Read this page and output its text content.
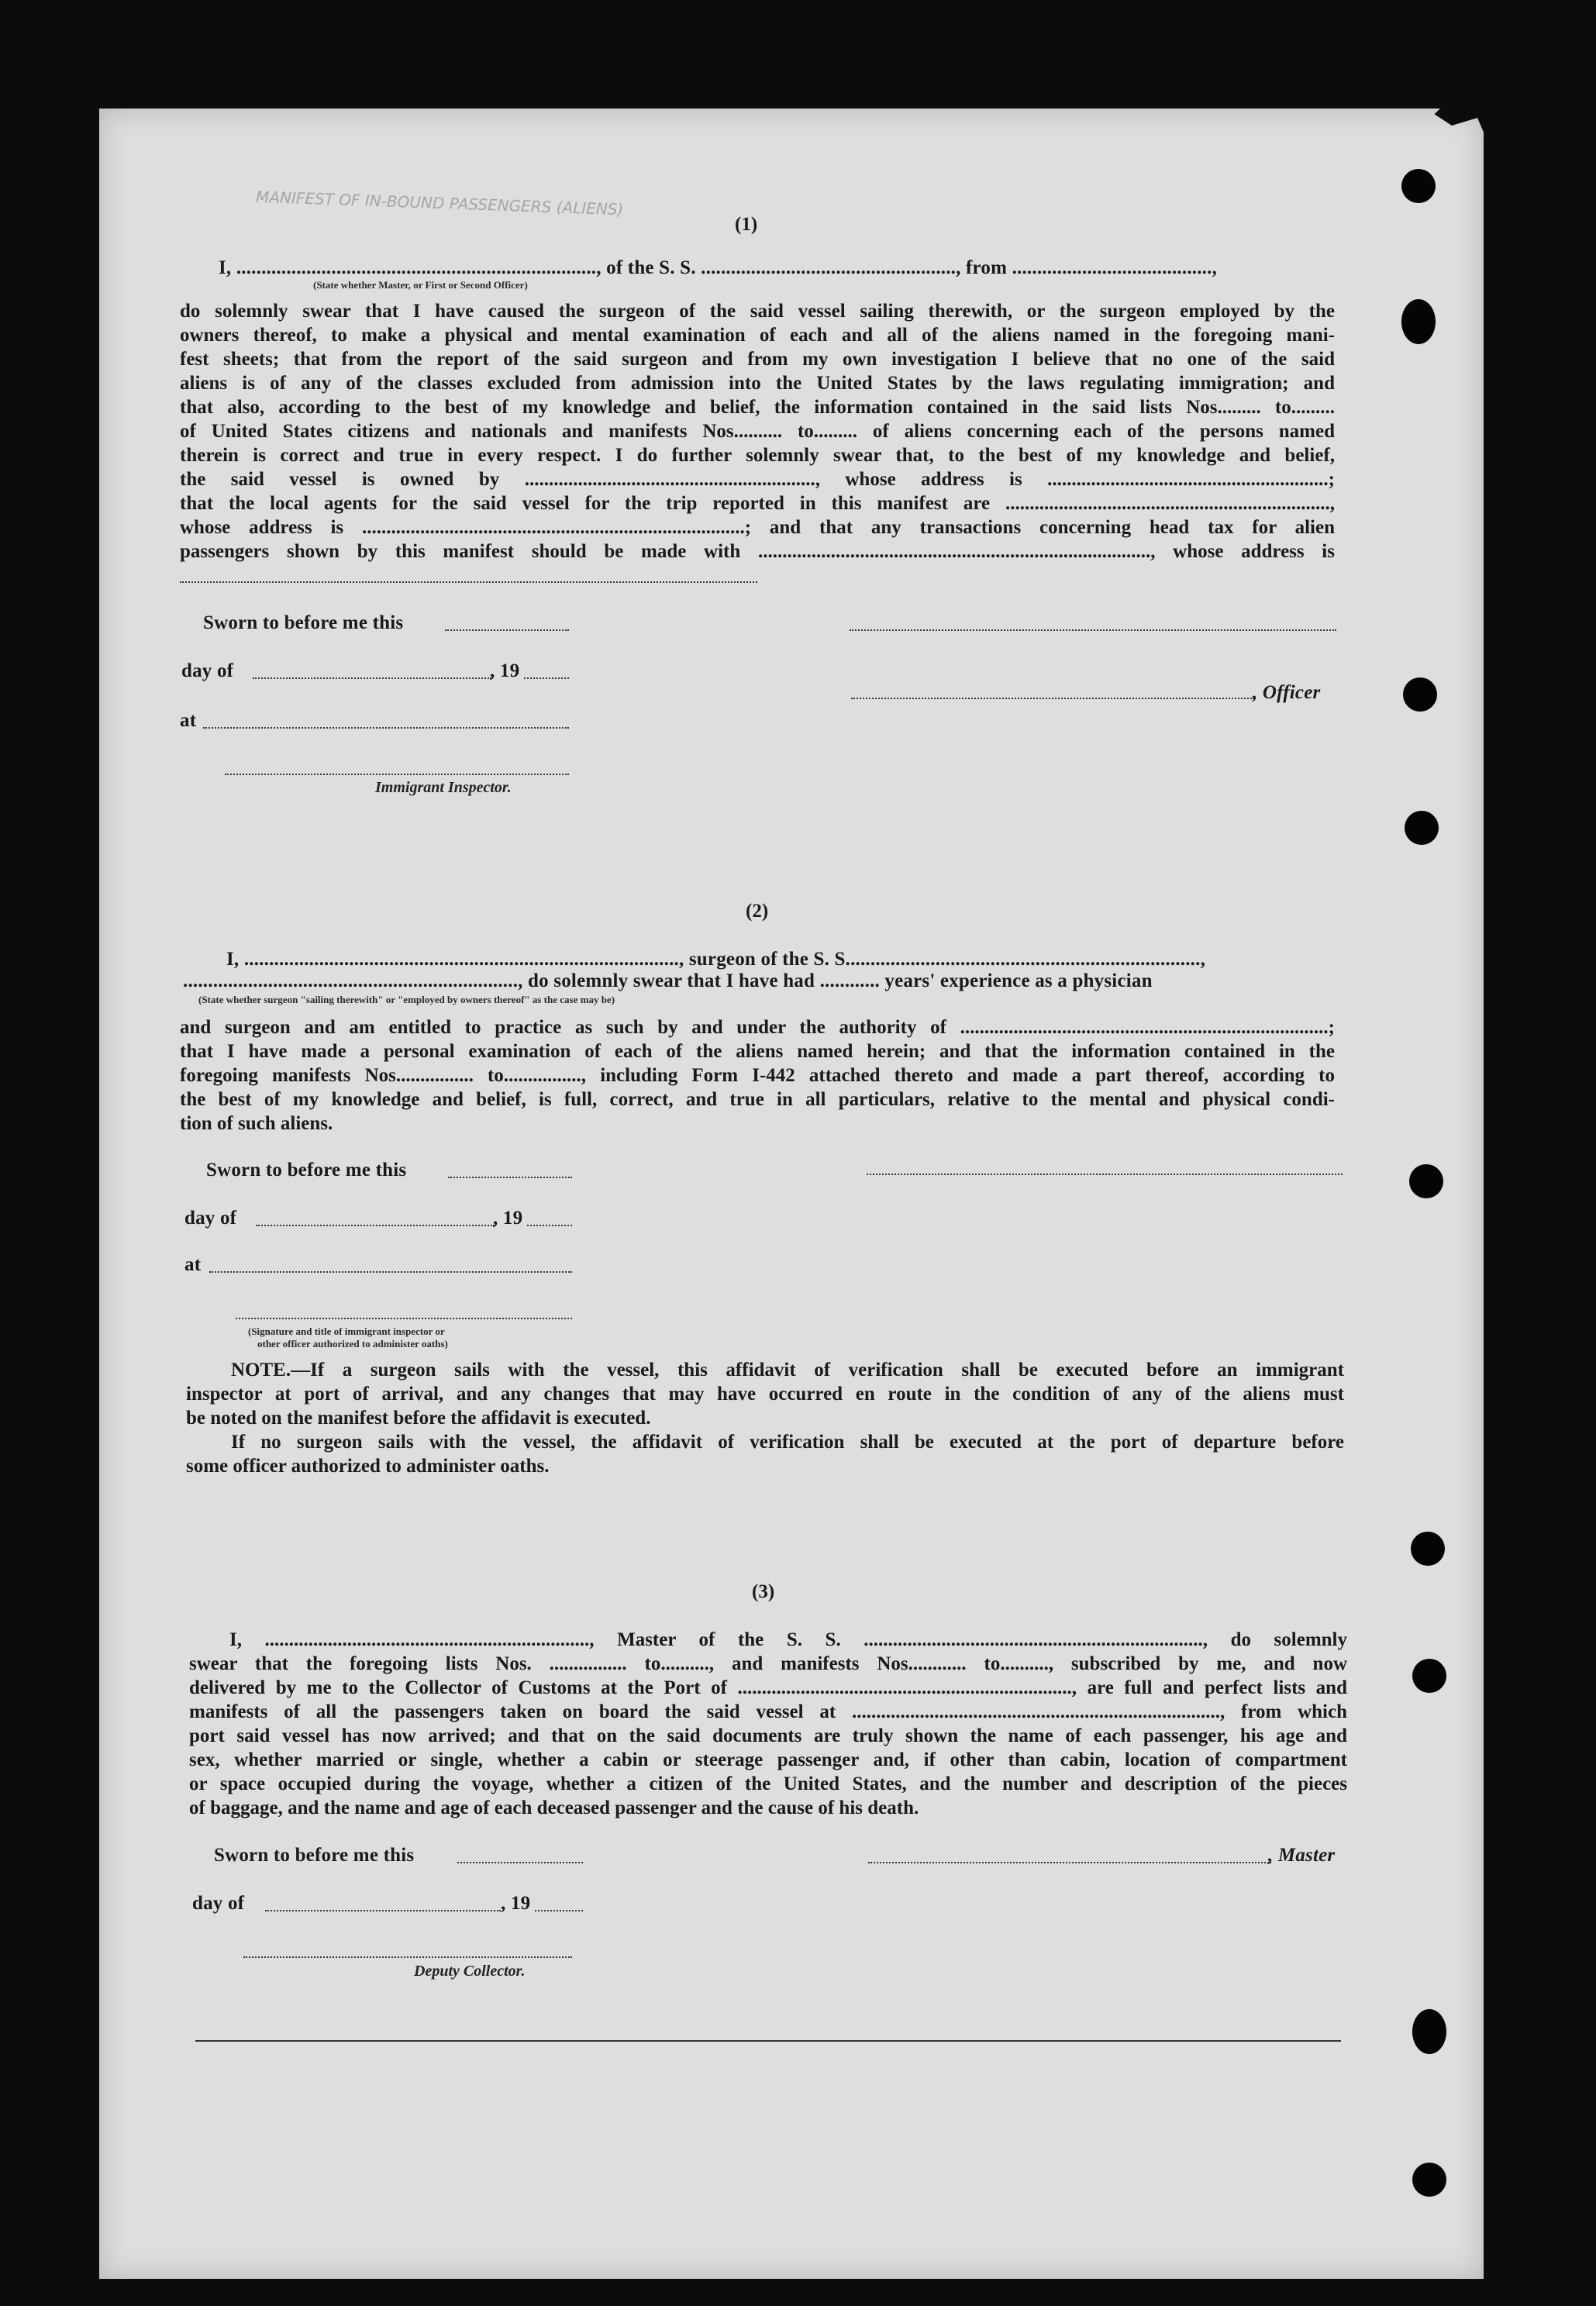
MANIFEST OF IN-BOUND PASSENGERS (ALIENS)
(1)
I, ........................................................................, of the S. S. ..................................................., from ........................................,
(State whether Master, or First or Second Officer)

do solemnly swear that I have caused the surgeon of the said vessel sailing therewith, or the surgeon employed by the

owners thereof, to make a physical and mental examination of each and all of the aliens named in the foregoing mani-

fest sheets; that from the report of the said surgeon and from my own investigation I believe that no one of the said

aliens is of any of the classes excluded from admission into the United States by the laws regulating immigration; and

that also, according to the best of my knowledge and belief, the information contained in the said lists Nos......... to.........

of United States citizens and nationals and manifests Nos.......... to......... of aliens concerning each of the persons named

therein is correct and true in every respect. I do further solemnly swear that, to the best of my knowledge and belief,

the said vessel is owned by ............................................................, whose address is ..........................................................;

that the local agents for the said vessel for the trip reported in this manifest are ...................................................................,

whose address is ...............................................................................; and that any transactions concerning head tax for alien

passengers shown by this manifest should be made with ................................................................................., whose address is

Sworn to before me this
day of	, 19
, Officer
at
Immigrant Inspector.
(2)
I, ......................................................................................., surgeon of the S. S.......................................................................,
..................................................................., do solemnly swear that I have had ............ years' experience as a physician
(State whether surgeon "sailing therewith" or "employed by owners thereof" as the case may be)

and surgeon and am entitled to practice as such by and under the authority of ............................................................................;

that I have made a personal examination of each of the aliens named herein; and that the information contained in the

foregoing manifests Nos................ to................, including Form I-442 attached thereto and made a part thereof, according to

the best of my knowledge and belief, is full, correct, and true in all particulars, relative to the mental and physical condi-

tion of such aliens.

Sworn to before me this
day of	, 19
at
(Signature and title of immigrant inspector or
other officer authorized to administer oaths)

NOTE.—If a surgeon sails with the vessel, this affidavit of verification shall be executed before an immigrant

inspector at port of arrival, and any changes that may have occurred en route in the condition of any of the aliens must

be noted on the manifest before the affidavit is executed.

If no surgeon sails with the vessel, the affidavit of verification shall be executed at the port of departure before

some officer authorized to administer oaths.

(3)

I, ..................................................................., Master of the S. S. ......................................................................, do solemnly

swear that the foregoing lists Nos. ................ to.........., and manifests Nos............ to.........., subscribed by me, and now

delivered by me to the Collector of Customs at the Port of ....................................................................., are full and perfect lists and

manifests of all the passengers taken on board the said vessel at ............................................................................, from which

port said vessel has now arrived; and that on the said documents are truly shown the name of each passenger, his age and

sex, whether married or single, whether a cabin or steerage passenger and, if other than cabin, location of compartment

or space occupied during the voyage, whether a citizen of the United States, and the number and description of the pieces

of baggage, and the name and age of each deceased passenger and the cause of his death.

Sworn to before me this	, Master
day of	, 19
Deputy Collector.
